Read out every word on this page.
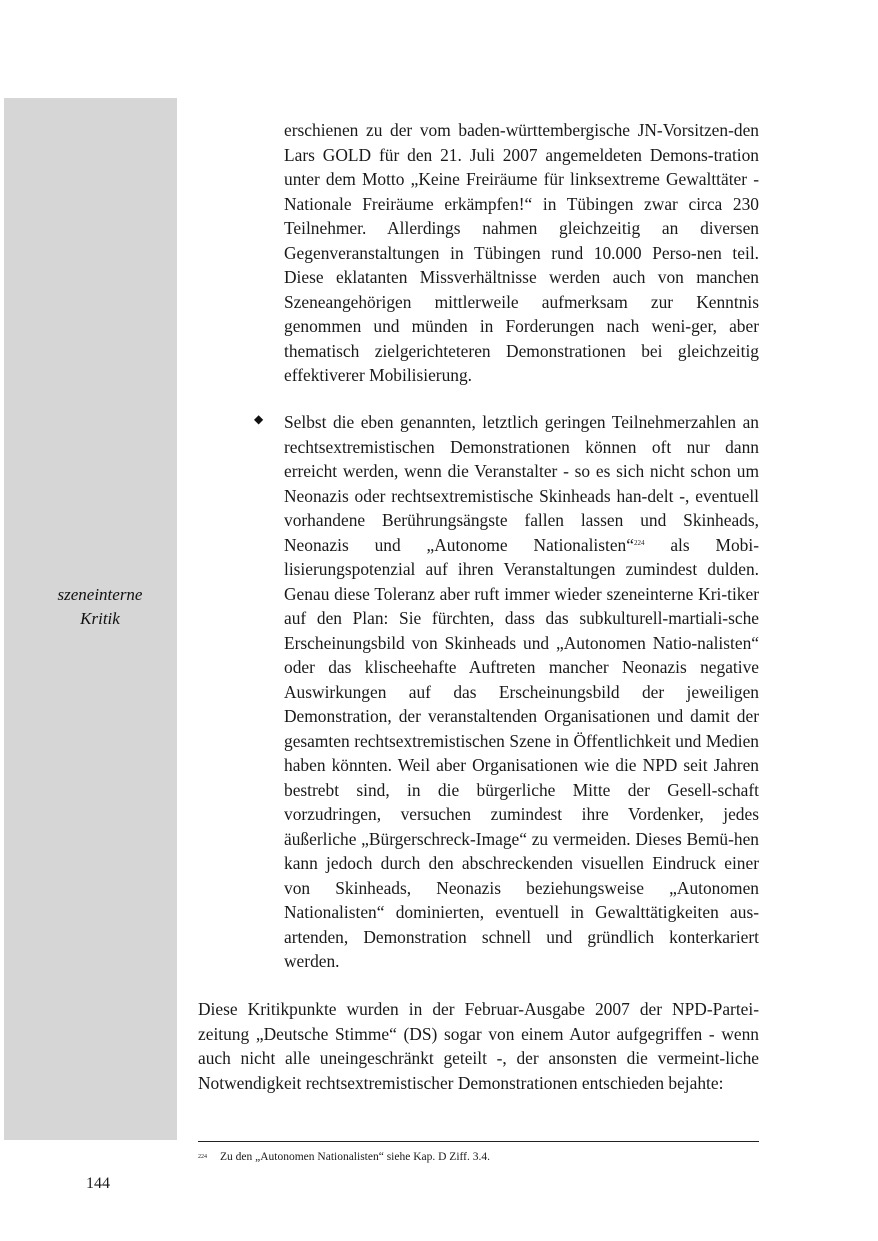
szeneinterne
Kritik

erschienen zu der vom baden-württembergische JN-Vorsitzen-den Lars GOLD für den 21. Juli 2007 angemeldeten Demons-tration unter dem Motto „Keine Freiräume für linksextreme Gewalttäter - Nationale Freiräume erkämpfen!“ in Tübingen zwar circa 230 Teilnehmer. Allerdings nahmen gleichzeitig an diversen Gegenveranstaltungen in Tübingen rund 10.000 Perso-nen teil. Diese eklatanten Missverhältnisse werden auch von manchen Szeneangehörigen mittlerweile aufmerksam zur Kenntnis genommen und münden in Forderungen nach weni-ger, aber thematisch zielgerichteteren Demonstrationen bei gleichzeitig effektiverer Mobilisierung.

◆ Selbst die eben genannten, letztlich geringen Teilnehmerzahlen an rechtsextremistischen Demonstrationen können oft nur dann erreicht werden, wenn die Veranstalter - so es sich nicht schon um Neonazis oder rechtsextremistische Skinheads han-delt -, eventuell vorhandene Berührungsängste fallen lassen und Skinheads, Neonazis und „Autonome Nationalisten“$^{224}$ als Mobi-lisierungspotenzial auf ihren Veranstaltungen zumindest dulden. Genau diese Toleranz aber ruft immer wieder szeneinterne Kri-tiker auf den Plan: Sie fürchten, dass das subkulturell-martiali-sche Erscheinungsbild von Skinheads und „Autonomen Natio-nalisten“ oder das klischeehafte Auftreten mancher Neonazis negative Auswirkungen auf das Erscheinungsbild der jeweiligen Demonstration, der veranstaltenden Organisationen und damit der gesamten rechtsextremistischen Szene in Öffentlichkeit und Medien haben könnten. Weil aber Organisationen wie die NPD seit Jahren bestrebt sind, in die bürgerliche Mitte der Gesell-schaft vorzudringen, versuchen zumindest ihre Vordenker, jedes äußerliche „Bürgerschreck-Image“ zu vermeiden. Dieses Bemü-hen kann jedoch durch den abschreckenden visuellen Eindruck einer von Skinheads, Neonazis beziehungsweise „Autonomen Nationalisten“ dominierten, eventuell in Gewalttätigkeiten aus-artenden, Demonstration schnell und gründlich konterkariert werden.

Diese Kritikpunkte wurden in der Februar-Ausgabe 2007 der NPD-Partei-zeitung „Deutsche Stimme“ (DS) sogar von einem Autor aufgegriffen - wenn auch nicht alle uneingeschränkt geteilt -, der ansonsten die vermeint-liche Notwendigkeit rechtsextremistischer Demonstrationen entschieden bejahte:

224 Zu den „Autonomen Nationalisten“ siehe Kap. D Ziff. 3.4.
144
